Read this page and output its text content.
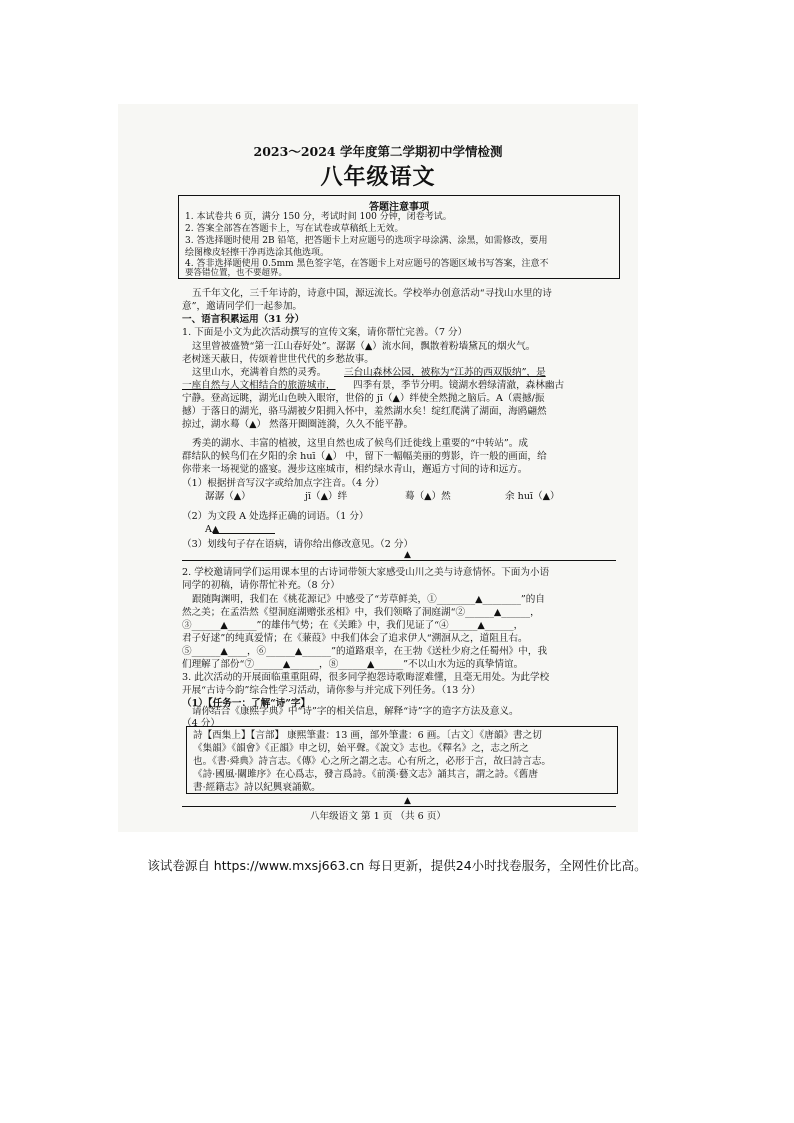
2023～2024 学年度第二学期初中学情检测
八年级语文
答题注意事项
1. 本试卷共 6 页，满分 150 分，考试时间 100 分钟，闭卷考试。
2. 答案全部答在答题卡上，写在试卷或草稿纸上无效。
3. 答选择题时使用 2B 铅笔，把答题卡上对应题号的选项字母涂满、涂黑，如需修改，要用
绘图橡皮轻擦干净再选涂其他选项。
4. 答非选择题使用 0.5mm 黑色签字笔，在答题卡上对应题号的答题区域书写答案，注意不
要答错位置，也不要超界。
五千年文化，三千年诗韵，诗意中国，源远流长。学校举办创意活动“寻找山水里的诗
意”，邀请同学们一起参加。
一、语言积累运用（31 分）
1. 下面是小文为此次活动撰写的宣传文案，请你帮忙完善。（7 分）
这里曾被盛赞“第一江山春好处”。潺潺（▲）流水间，飘散着粉墙黛瓦的烟火气。
老树迷天蔽日，传颂着世世代代的乡愁故事。
这里山水，充满着自然的灵秀。 三台山森林公园，被称为“江苏的西双版纳”，是
一座自然与人文相结合的旅游城市， 四季有景，季节分明。镜湖水碧绿清澈，森林幽古
宁静。登高远眺，湖光山色映入眼帘，世俗的 jī（▲）绊使全然抛之脑后。A（震撼/振
撼）于落日的湖光，骆马湖被夕阳拥入怀中，羞然湖水矣！绽红爬满了湖面，海鸥翩然
掠过，湖水蓦（▲） 然落开圈圈涟漪，久久不能平静。
秀美的湖水、丰富的植被，这里自然也成了候鸟们迁徙线上重要的“中转站”。成
群结队的候鸟们在夕阳的余 huī（▲） 中，留下一幅幅美丽的剪影，许一般的画面，给
你带来一场视觉的盛宴。漫步这座城市，相约绿水青山，邂逅方寸间的诗和远方。
（1）根据拼音写汉字或给加点字注音。（4 分）
潺潺（▲）	jī（▲）绊	蓦（▲）然	余 huī（▲）
（2）为文段 A 处选择正确的词语。（1 分）
A▲
（3）划线句子存在语病，请你给出修改意见。（2 分）
▲
2. 学校邀请同学们运用课本里的古诗词带领大家感受山川之美与诗意情怀。下面为小语
同学的初稿，请你帮忙补充。（8 分）
跟随陶渊明，我们在《桃花源记》中感受了“芳草鲜美，①________▲________”的自
然之美；在孟浩然《望洞庭湖赠张丞相》中，我们领略了洞庭湖“②______▲______，
③______▲______”的雄伟气势；在《关雎》中，我们见证了“④______▲______，
君子好逑”的纯真爱情；在《蒹葭》中我们体会了追求伊人“溯洄从之，道阻且右。
⑤______▲____，⑥______▲______”的道路艰辛，在王勃《送杜少府之任蜀州》中，我
们理解了部份“⑦______▲______，⑧______▲______”不以山水为远的真挚情谊。
3. 此次活动的开展面临重重阻碍，很多同学抱怨诗歌晦涩难懂，且毫无用处。为此学校
开展“古诗今韵”综合性学习活动，请你参与并完成下列任务。（13 分）
（1）【任务一：了解“诗”字】
请你结合《康熙字典》中“诗”字的相关信息，解释“诗”字的造字方法及意义。
（4 分）
詩【酉集上】【言部】 康熙筆畫：13 画，部外筆畫：6 画。〔古文〕《唐韻》書之切
《集韻》《韻會》《正韻》申之切，始平聲。《說文》志也。《釋名》之，志之所之
也。《書·舜典》詩言志。《傳》心之所之謂之志。心有所之，必形于言，故曰詩言志。
《詩·國風·關雎序》在心爲志，發言爲詩。《前漢·藝文志》誦其言，謂之詩。《舊唐
書·經籍志》詩以紀興衰誦歎。
▲
八年级语文 第 1 页 （共 6 页）
该试卷源自 https://www.mxsj663.cn 每日更新，提供24小时找卷服务，全网性价比高。
